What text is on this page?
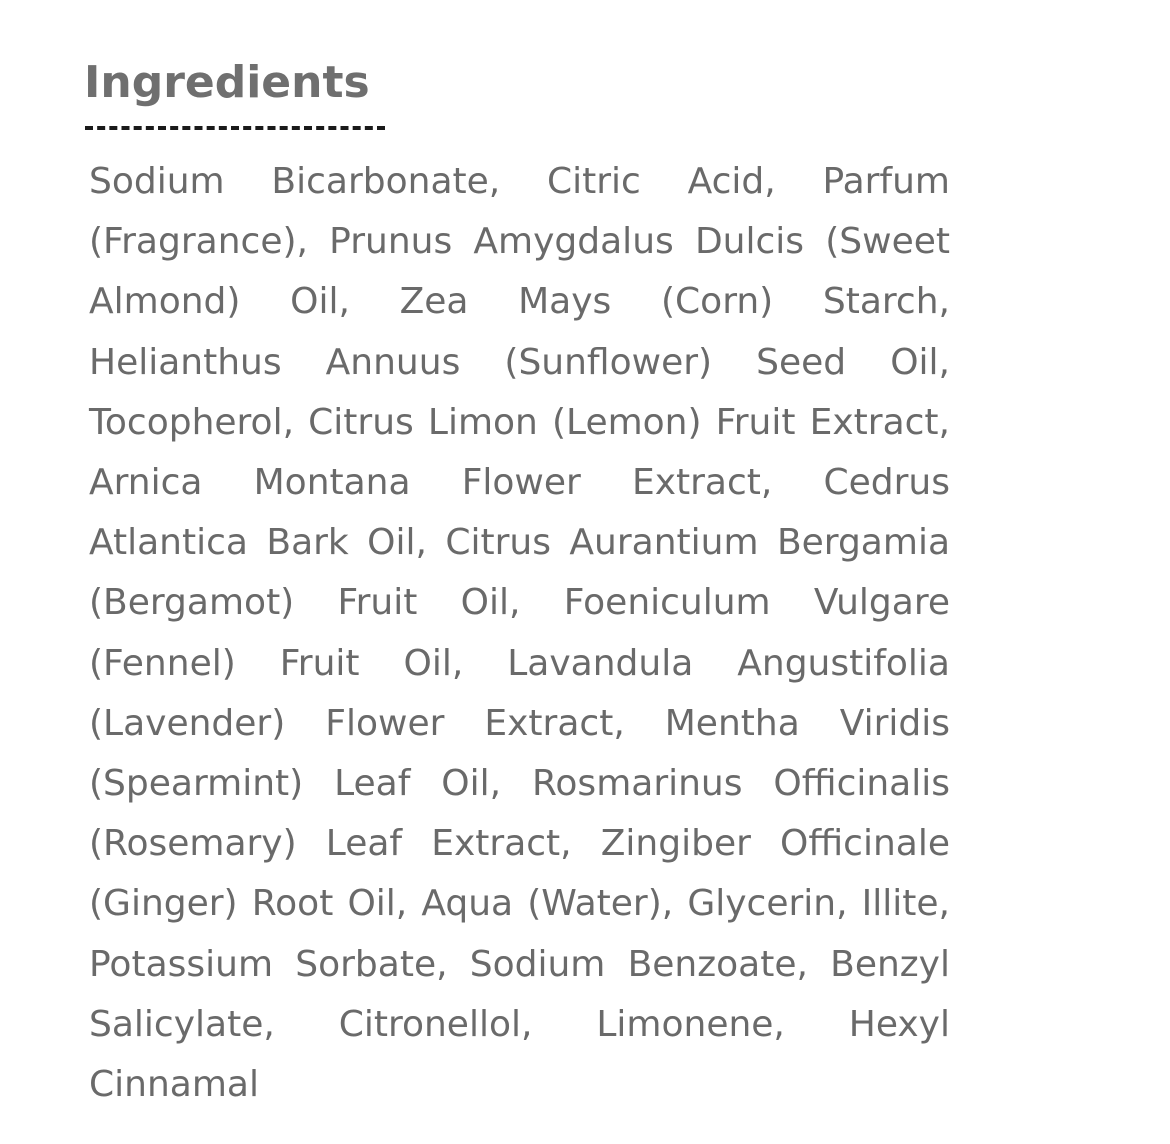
Ingredients

Sodium Bicarbonate, Citric Acid, Parfum (Fragrance), Prunus Amygdalus Dulcis (Sweet Almond) Oil, Zea Mays (Corn) Starch, Helianthus Annuus (Sunflower) Seed Oil, Tocopherol, Citrus Limon (Lemon) Fruit Extract, Arnica Montana Flower Extract, Cedrus Atlantica Bark Oil, Citrus Aurantium Bergamia (Bergamot) Fruit Oil, Foeniculum Vulgare (Fennel) Fruit Oil, Lavandula Angustifolia (Lavender) Flower Extract, Mentha Viridis (Spearmint) Leaf Oil, Rosmarinus Officinalis (Rosemary) Leaf Extract, Zingiber Officinale (Ginger) Root Oil, Aqua (Water), Glycerin, Illite, Potassium Sorbate, Sodium Benzoate, Benzyl Salicylate, Citronellol, Limonene, Hexyl Cinnamal
